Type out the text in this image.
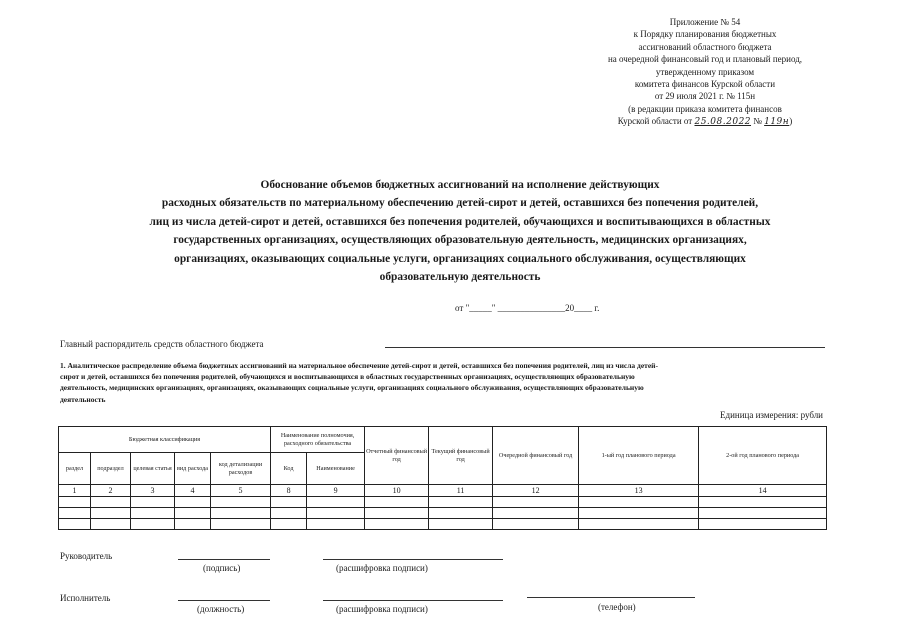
Приложение № 54
к Порядку планирования бюджетных
ассигнований областного бюджета
на очередной финансовый год и плановый период,
утвержденному приказом
комитета финансов Курской области
от 29 июля 2021 г. № 115н
(в редакции приказа комитета финансов
Курской области от 25.08.2022 № 119н)
Обоснование объемов бюджетных ассигнований на исполнение действующих
расходных обязательств по материальному обеспечению детей-сирот и детей, оставшихся без попечения родителей,
лиц из числа детей-сирот и детей, оставшихся без попечения родителей, обучающихся и воспитывающихся в областных
государственных организациях, осуществляющих образовательную деятельность, медицинских организациях,
организациях, оказывающих социальные услуги, организациях социального обслуживания, осуществляющих
образовательную деятельность
от "_____" _______________20____ г.
Главный распорядитель средств областного бюджета
1. Аналитическое распределение объема бюджетных ассигнований на материальное обеспечение детей-сирот и детей, оставшихся без попечения родителей, лиц из числа детей-
сирот и детей, оставшихся без попечения родителей, обучающихся и воспитывающихся в областных государственных организациях, осуществляющих образовательную
деятельность, медицинских организациях, организациях, оказывающих социальные услуги, организациях социального обслуживания, осуществляющих образовательную
деятельность
Единица измерения: рубли
Бюджетная классификация					Наименование полномочия, расходного обязательства		Отчетный финансовый год	Текущий финансовый год	Очередной финансовый год	1-ый год планового периода	2-ой год планового периода
раздел	подраздел	целевая статья	вид расхода	код детализации расходов	Код	Наименование					
1	2	3	4	5	8	9	10	11	12	13	14

Руководитель
(подпись)	(расшифровка подписи)
Исполнитель
(должность)	(расшифровка подписи)	(телефон)
